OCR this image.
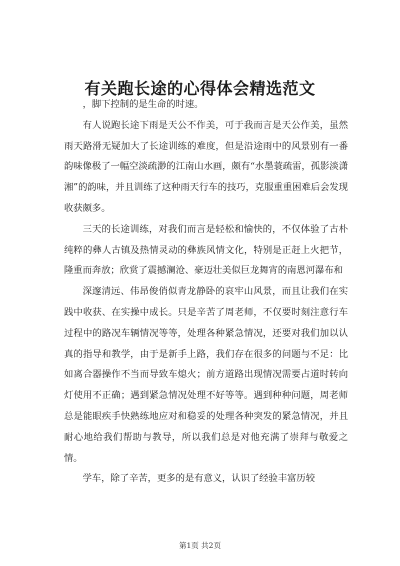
有关跑长途的心得体会精选范文

，脚下控制的是生命的时速。

有人说跑长途下雨是天公不作美，可于我而言是天公作美，虽然雨天路滑无疑加大了长途训练的难度，但是沿途雨中的风景别有一番韵味像极了一幅空淡疏渺的江南山水画，颇有“水墨蓑疏雷，孤影淡潇湘”的韵味，并且训练了这种雨天行车的技巧，克服重重困难后会发现收获颇多。

三天的长途训练，对我们而言是轻松和愉快的，不仅体验了古朴纯粹的彝人古镇及热情灵动的彝族风情文化，特别是正赶上火把节，隆重而奔放；欣赏了震撼澜沧、豪迈壮美似巨龙舞宵的南恩河瀑布和

深邃清远、伟昂俊俏似青龙静卧的哀牢山风景，而且让我们在实践中收获、在实操中成长。只是辛苦了周老师，不仅要时刻注意行车过程中的路况车辆情况等等，处理各种紧急情况，还要对我们加以认真的指导和教学，由于是新手上路，我们存在很多的问题与不足：比如离合器操作不当而导致车熄火；前方道路出现情况需要占道时转向灯使用不正确；遇到紧急情况处理不好等等。遇到种种问题，周老师总是能眼疾手快熟练地应对和稳妥的处理各种突发的紧急情况，并且耐心地给我们帮助与教导，所以我们总是对他充满了崇拜与敬爱之情。

学车，除了辛苦，更多的是有意义，认识了经验丰富历较

第1页 共2页
